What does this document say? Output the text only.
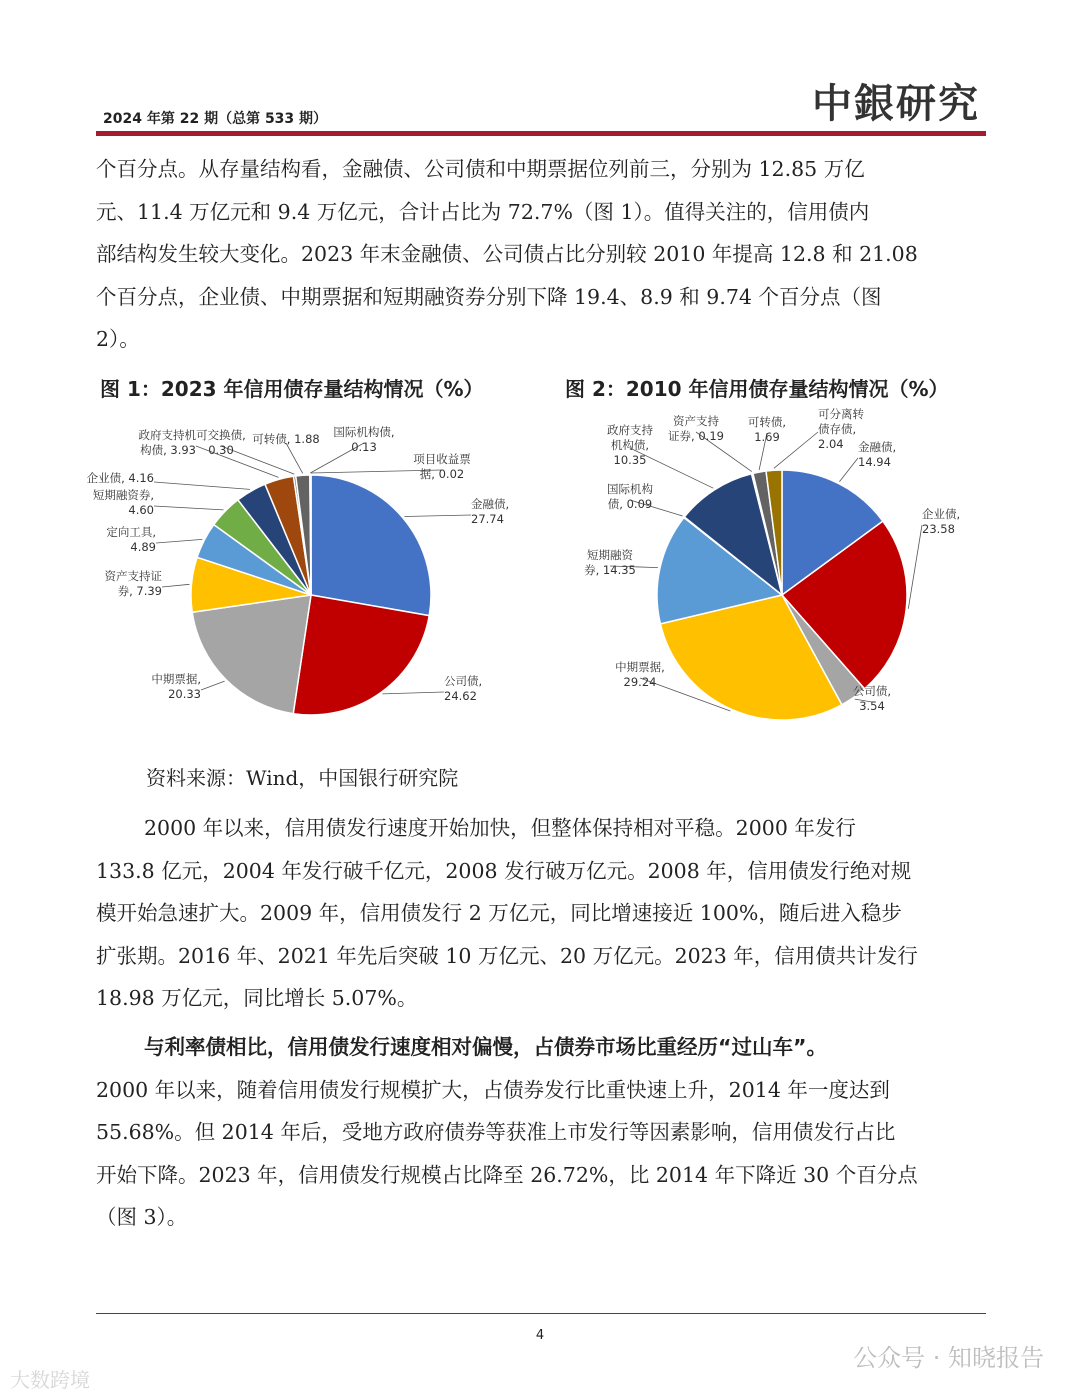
2024 年第 22 期（总第 533 期）	中銀研究
个百分点。从存量结构看，金融债、公司债和中期票据位列前三，分别为 12.85 万亿
元、11.4 万亿元和 9.4 万亿元，合计占比为 72.7%（图 1）。值得关注的，信用债内
部结构发生较大变化。2023 年末金融债、公司债占比分别较 2010 年提高 12.8 和 21.08
个百分点，企业债、中期票据和短期融资券分别下降 19.4、8.9 和 9.74 个百分点（图
2）。
图 1：2023 年信用债存量结构情况（%）	图 2：2010 年信用债存量结构情况（%）
金融债, 27.74
公司债, 24.62
中期票据, 20.33
资产支持证券, 7.39
定向工具, 4.89
短期融资券, 4.60
企业债, 4.16
政府支持机构债, 3.93
可交换债, 0.30
可转债, 1.88 国际机构债, 0.13
项目收益票据, 0.02
金融债, 14.94
企业债, 23.58
公司债, 3.54
中期票据, 29.24
短期融资券, 14.35
国际机构债, 0.09
政府支持机构债, 10.35
资产支持证券, 0.19
可转债, 1.69
可分离转债存债, 2.04
资料来源：Wind，中国银行研究院
2000 年以来，信用债发行速度开始加快，但整体保持相对平稳。2000 年发行
133.8 亿元，2004 年发行破千亿元，2008 发行破万亿元。2008 年，信用债发行绝对规
模开始急速扩大。2009 年，信用债发行 2 万亿元，同比增速接近 100%，随后进入稳步
扩张期。2016 年、2021 年先后突破 10 万亿元、20 万亿元。2023 年，信用债共计发行
18.98 万亿元，同比增长 5.07%。
与利率债相比，信用债发行速度相对偏慢，占债券市场比重经历“过山车”。
2000 年以来，随着信用债发行规模扩大，占债券发行比重快速上升，2014 年一度达到
55.68%。但 2014 年后，受地方政府债券等获准上市发行等因素影响，信用债发行占比
开始下降。2023 年，信用债发行规模占比降至 26.72%，比 2014 年下降近 30 个百分点
（图 3）。
4
公众号 · 知晓报告
大数跨境
